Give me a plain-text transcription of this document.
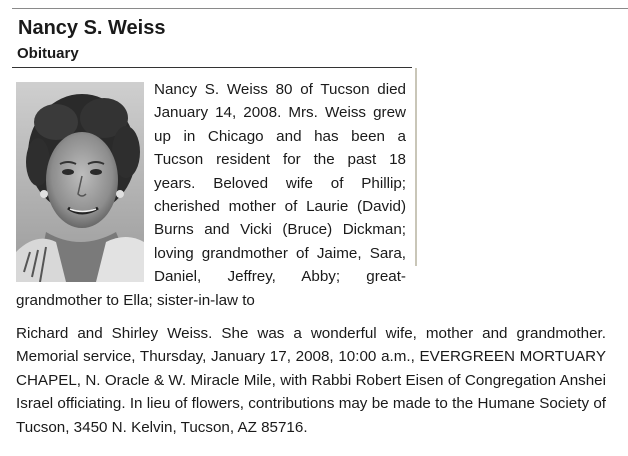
Nancy S. Weiss
Obituary
Nancy S. Weiss 80 of Tucson died January 14, 2008. Mrs. Weiss grew up in Chicago and has been a Tucson resident for the past 18 years. Beloved wife of Phillip; cherished mother of Laurie (David) Burns and Vicki (Bruce) Dickman; loving grandmother of Jaime, Sara, Daniel, Jeffrey, Abby; great-grandmother to Ella; sister-in-law to
Richard and Shirley Weiss. She was a wonderful wife, mother and grandmother. Memorial service, Thursday, January 17, 2008, 10:00 a.m., EVERGREEN MORTUARY CHAPEL, N. Oracle & W. Miracle Mile, with Rabbi Robert Eisen of Congregation Anshei Israel officiating. In lieu of flowers, contributions may be made to the Humane Society of Tucson, 3450 N. Kelvin, Tucson, AZ 85716.
